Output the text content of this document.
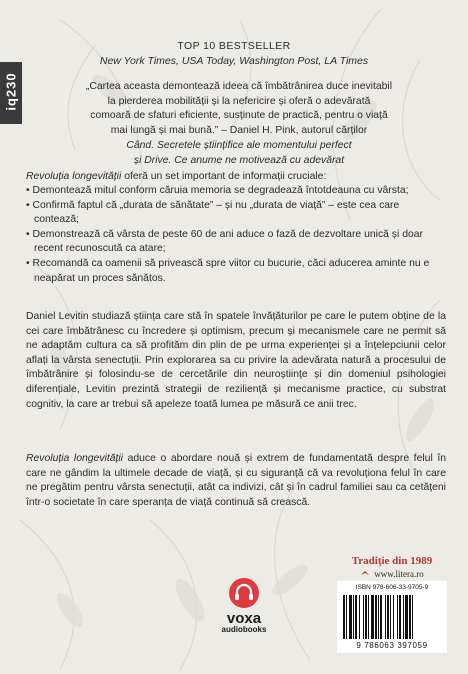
iq230
TOP 10 BESTSELLER
New York Times, USA Today, Washington Post, LA Times
„Cartea aceasta demontează ideea că îmbătrânirea duce inevitabil
la pierderea mobilității și la nefericire și oferă o adevărată
comoară de sfaturi eficiente, susținute de practică, pentru o viață
mai lungă și mai bună.” – Daniel H. Pink, autorul cărților
Când. Secretele științifice ale momentului perfect
și Drive. Ce anume ne motivează cu adevărat
Revoluția longevității oferă un set important de informații cruciale:
• Demontează mitul conform căruia memoria se degradează întotdeauna cu vârsta;
• Confirmă faptul că „durata de sănătate” – și nu „durata de viață” – este cea care contează;
• Demonstrează că vârsta de peste 60 de ani aduce o fază de dezvoltare unică și doar recent recunoscută ca atare;
• Recomandă ca oamenii să privească spre viitor cu bucurie, căci aducerea aminte nu e neapărat un proces sănătos.
Daniel Levitin studiază știința care stă în spatele învățăturilor pe care le putem obține de la cei care îmbătrânesc cu încredere și optimism, precum și mecanismele care ne permit să ne adaptăm cultura ca să profităm din plin de pe urma experienței și a înțelepciunii celor aflați la vârsta senectuții. Prin explorarea sa cu privire la adevărata natură a procesului de îmbătrânire și folosindu-se de cercetările din neuroștiințe și din domeniul psihologiei diferențiale, Levitin prezintă strategii de reziliență și mecanisme practice, cu substrat cognitiv, la care ar trebui să apeleze toată lumea pe măsură ce anii trec.
Revoluția longevității aduce o abordare nouă și extrem de fundamentată despre felul în care ne gândim la ultimele decade de viață, și cu siguranță că va revoluționa felul în care ne pregătim pentru vârsta senectuții, atât ca indivizi, cât și în cadrul familiei sau ca cetățeni într-o societate în care speranța de viață continuă să crească.
voxa
audiobooks
Tradiție din 1989
www.litera.ro
ISBN 978-606-33-9705-9
9 786063 397059
